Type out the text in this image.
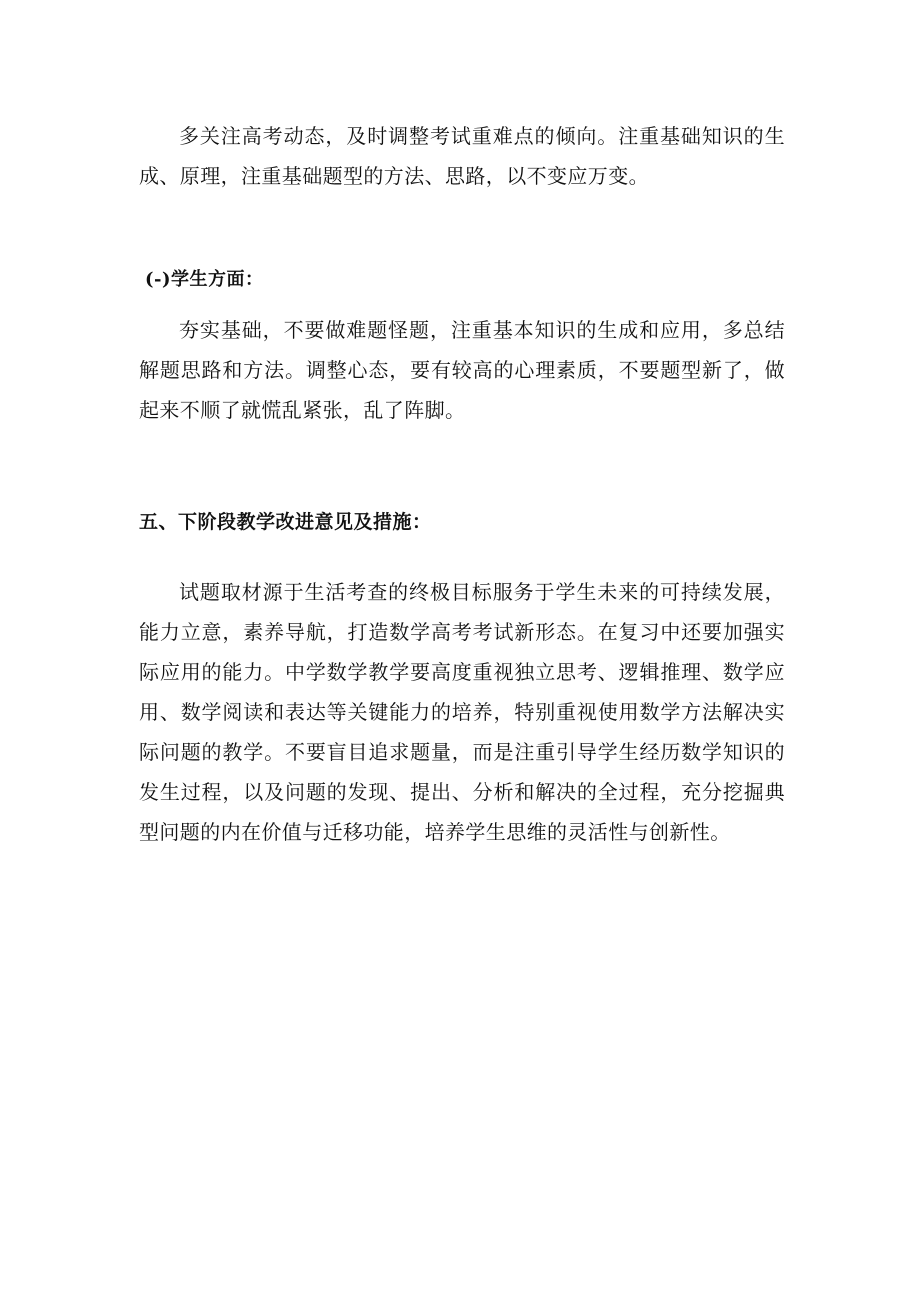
多关注高考动态，及时调整考试重难点的倾向。注重基础知识的生成、原理，注重基础题型的方法、思路，以不变应万变。

(-)学生方面：

夯实基础，不要做难题怪题，注重基本知识的生成和应用，多总结解题思路和方法。调整心态，要有较高的心理素质，不要题型新了，做起来不顺了就慌乱紧张，乱了阵脚。

五、下阶段教学改进意见及措施：

试题取材源于生活考查的终极目标服务于学生未来的可持续发展，能力立意，素养导航，打造数学高考考试新形态。在复习中还要加强实际应用的能力。中学数学教学要高度重视独立思考、逻辑推理、数学应用、数学阅读和表达等关键能力的培养，特别重视使用数学方法解决实际问题的教学。不要盲目追求题量，而是注重引导学生经历数学知识的发生过程，以及问题的发现、提出、分析和解决的全过程，充分挖掘典型问题的内在价值与迁移功能，培养学生思维的灵活性与创新性。
